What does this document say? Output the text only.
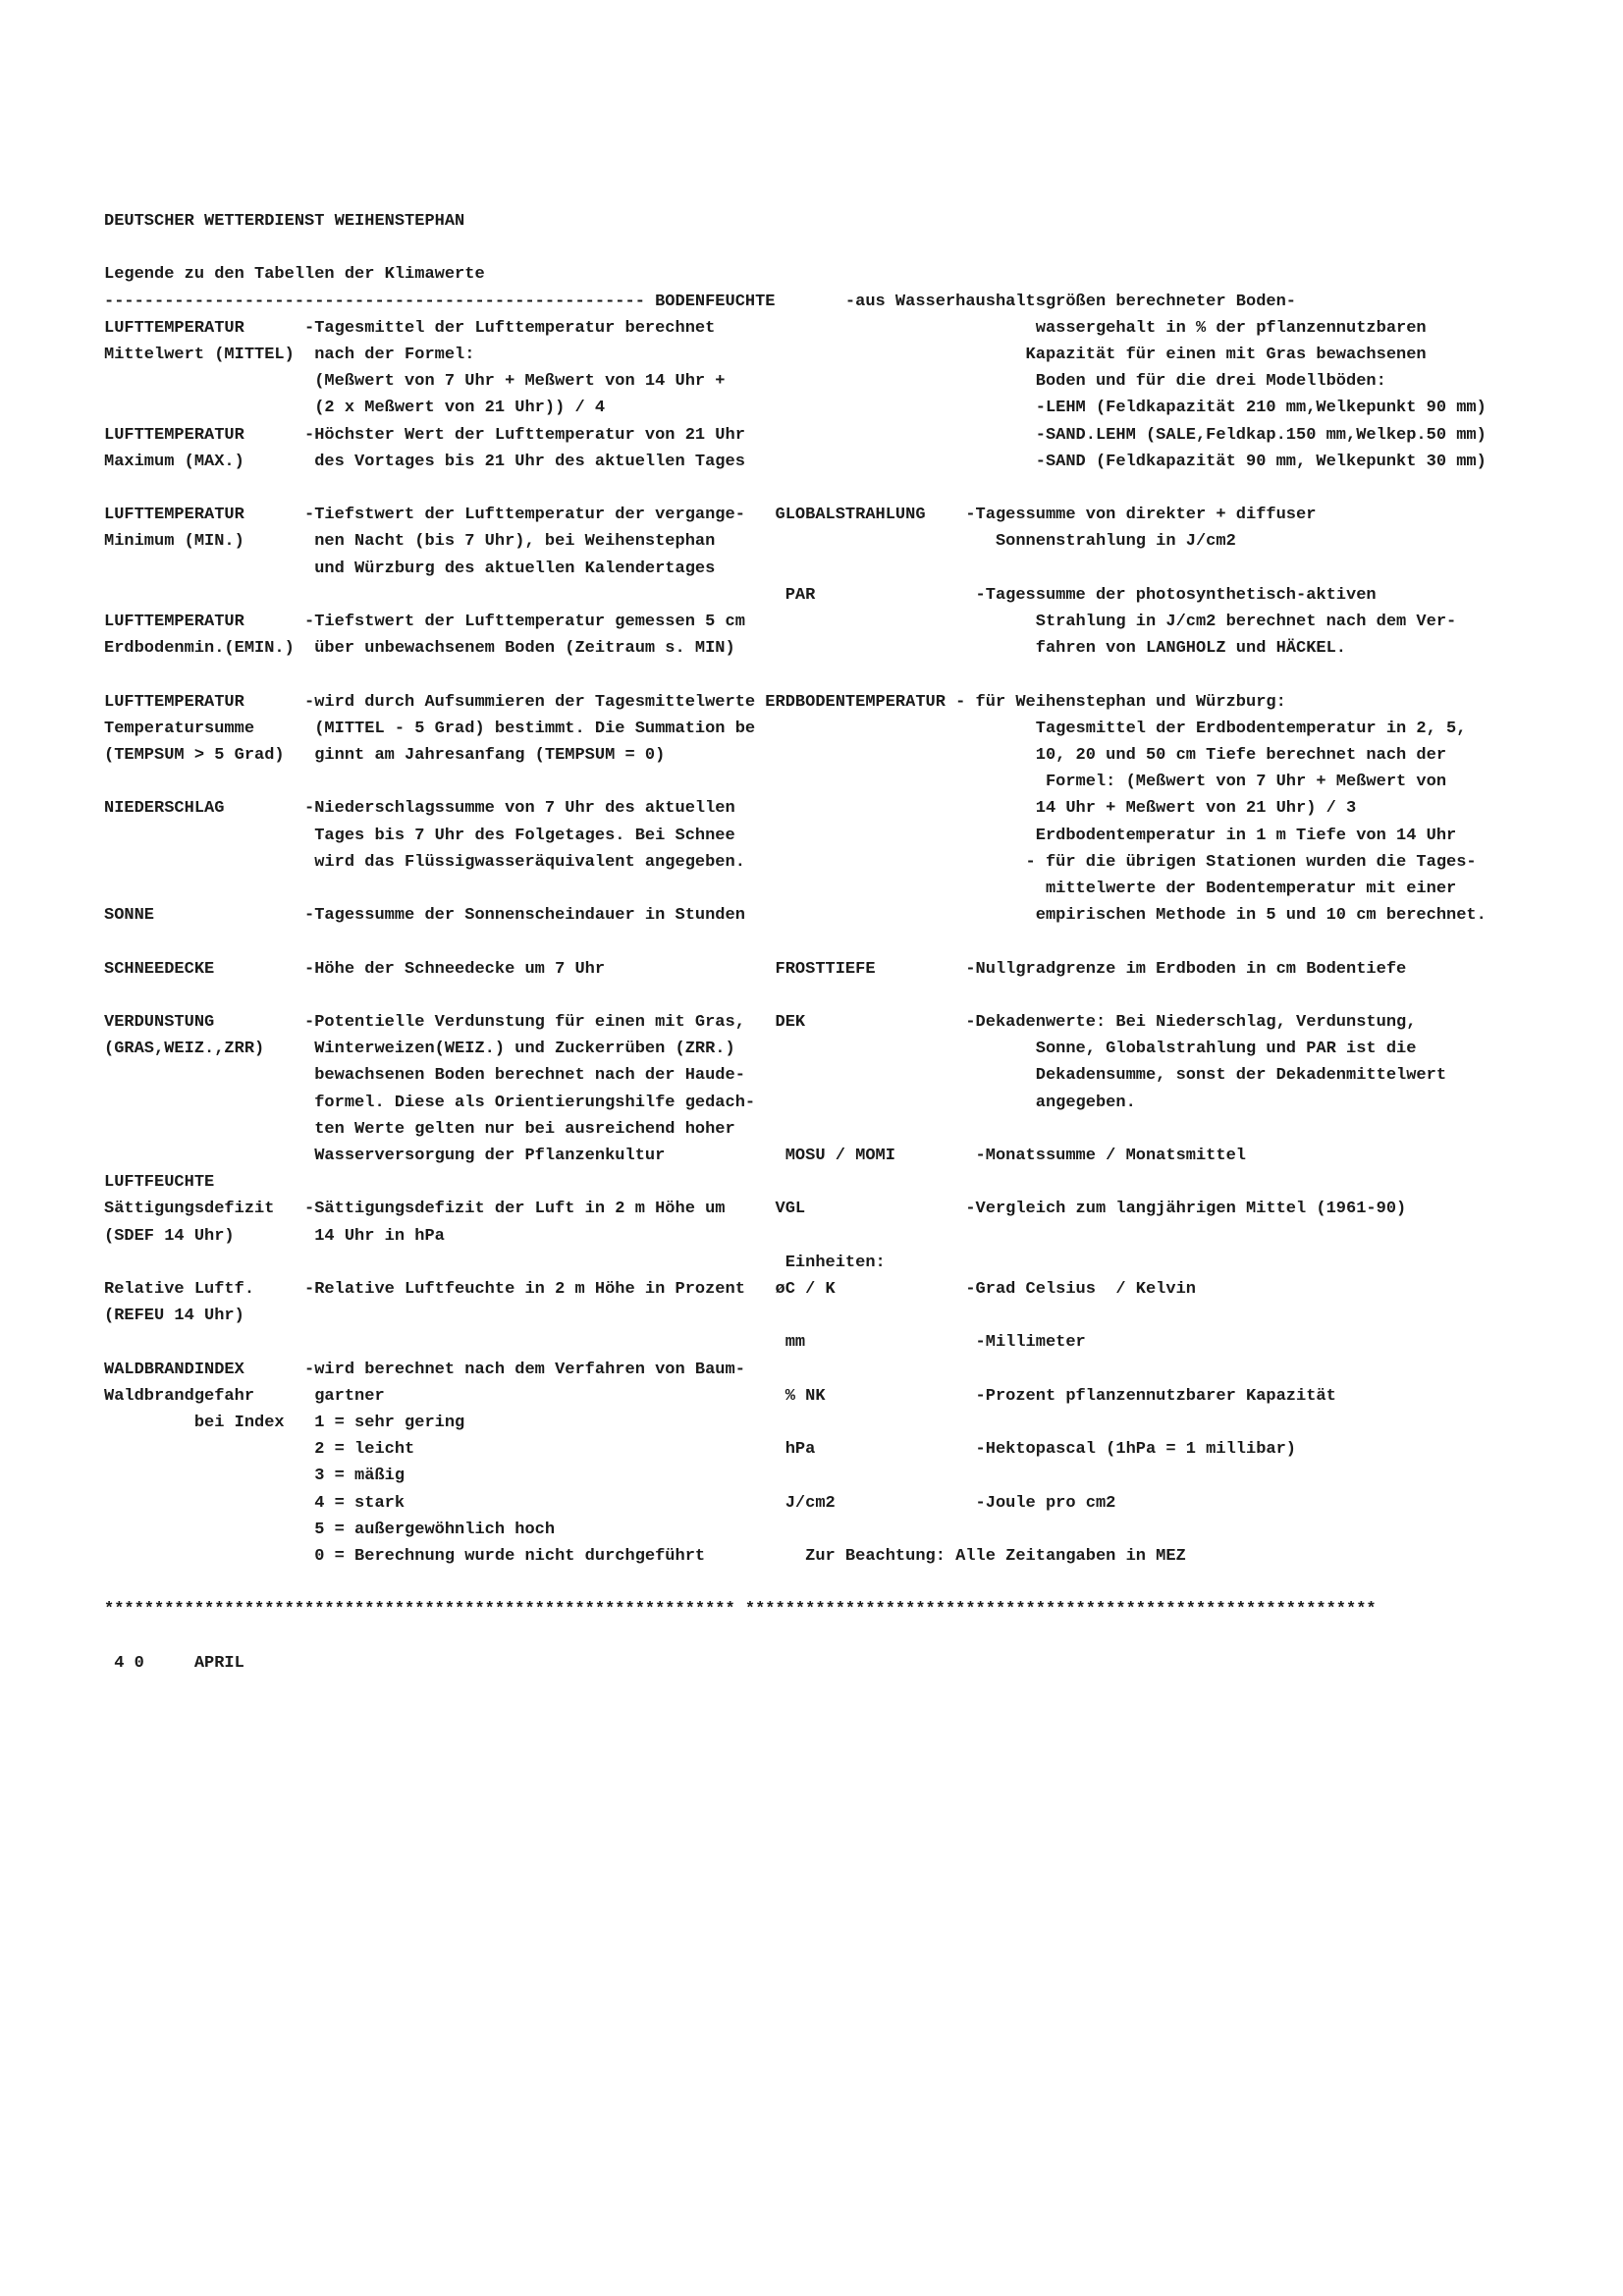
DEUTSCHER WETTERDIENST WEIHENSTEPHAN
Legende zu den Tabellen der Klimawerte
------------------------------------------------------ BODENFEUCHTE       -aus Wasserhaushaltsgrößen berechneter Boden-
LUFTTEMPERATUR      -Tagesmittel der Lufttemperatur berechnet                                wassergehalt in % der pflanzennutzbaren
Mittelwert (MITTEL)  nach der Formel:                                                       Kapazität für einen mit Gras bewachsenen
(Meßwert von 7 Uhr + Meßwert von 14 Uhr +                               Boden und für die drei Modellböden:
(2 x Meßwert von 21 Uhr)) / 4                                           -LEHM (Feldkapazität 210 mm,Welkepunkt 90 mm)
LUFTTEMPERATUR      -Höchster Wert der Lufttemperatur von 21 Uhr                             -SAND.LEHM (SALE,Feldkap.150 mm,Welkep.50 mm)
Maximum (MAX.)       des Vortages bis 21 Uhr des aktuellen Tages                             -SAND (Feldkapazität 90 mm, Welkepunkt 30 mm)
LUFTTEMPERATUR      -Tiefstwert der Lufttemperatur der vergange-   GLOBALSTRAHLUNG    -Tagessumme von direkter + diffuser
Minimum (MIN.)       nen Nacht (bis 7 Uhr), bei Weihenstephan                            Sonnenstrahlung in J/cm2
und Würzburg des aktuellen Kalendertages
PAR                -Tagessumme der photosynthetisch-aktiven
LUFTTEMPERATUR      -Tiefstwert der Lufttemperatur gemessen 5 cm                             Strahlung in J/cm2 berechnet nach dem Ver-
Erdbodenmin.(EMIN.)  über unbewachsenem Boden (Zeitraum s. MIN)                              fahren von LANGHOLZ und HÄCKEL.
LUFTTEMPERATUR      -wird durch Aufsummieren der Tagesmittelwerte ERDBODENTEMPERATUR - für Weihenstephan und Würzburg:
Temperatursumme      (MITTEL - 5 Grad) bestimmt. Die Summation be                            Tagesmittel der Erdbodentemperatur in 2, 5,
(TEMPSUM > 5 Grad)   ginnt am Jahresanfang (TEMPSUM = 0)                                     10, 20 und 50 cm Tiefe berechnet nach der
Formel: (Meßwert von 7 Uhr + Meßwert von
NIEDERSCHLAG        -Niederschlagssumme von 7 Uhr des aktuellen                              14 Uhr + Meßwert von 21 Uhr) / 3
Tages bis 7 Uhr des Folgetages. Bei Schnee                              Erdbodentemperatur in 1 m Tiefe von 14 Uhr
wird das Flüssigwasseräquivalent angegeben.                            - für die übrigen Stationen wurden die Tages-
mittelwerte der Bodentemperatur mit einer
SONNE               -Tagessumme der Sonnenscheindauer in Stunden                             empirischen Methode in 5 und 10 cm berechnet.
SCHNEEDECKE         -Höhe der Schneedecke um 7 Uhr                 FROSTTIEFE         -Nullgradgrenze im Erdboden in cm Bodentiefe
VERDUNSTUNG         -Potentielle Verdunstung für einen mit Gras,   DEK                -Dekadenwerte: Bei Niederschlag, Verdunstung,
(GRAS,WEIZ.,ZRR)     Winterweizen(WEIZ.) und Zuckerrüben (ZRR.)                              Sonne, Globalstrahlung und PAR ist die
bewachsenen Boden berechnet nach der Haude-                             Dekadensumme, sonst der Dekadenmittelwert
formel. Diese als Orientierungshilfe gedach-                            angegeben.
ten Werte gelten nur bei ausreichend hoher
Wasserversorgung der Pflanzenkultur            MOSU / MOMI        -Monatssumme / Monatsmittel
LUFTFEUCHTE
Sättigungsdefizit   -Sättigungsdefizit der Luft in 2 m Höhe um     VGL                -Vergleich zum langjährigen Mittel (1961-90)
(SDEF 14 Uhr)        14 Uhr in hPa
Einheiten:
Relative Luftf.     -Relative Luftfeuchte in 2 m Höhe in Prozent   øC / K             -Grad Celsius  / Kelvin
(REFEU 14 Uhr)
mm                 -Millimeter
WALDBRANDINDEX      -wird berechnet nach dem Verfahren von Baum-
Waldbrandgefahr      gartner                                        % NK               -Prozent pflanzennutzbarer Kapazität
bei Index   1 = sehr gering
2 = leicht                                     hPa                -Hektopascal (1hPa = 1 millibar)
3 = mäßig
4 = stark                                      J/cm2              -Joule pro cm2
5 = außergewöhnlich hoch
0 = Berechnung wurde nicht durchgeführt          Zur Beachtung: Alle Zeitangaben in MEZ
*************************************************************** ***************************************************************
4 0     APRIL
